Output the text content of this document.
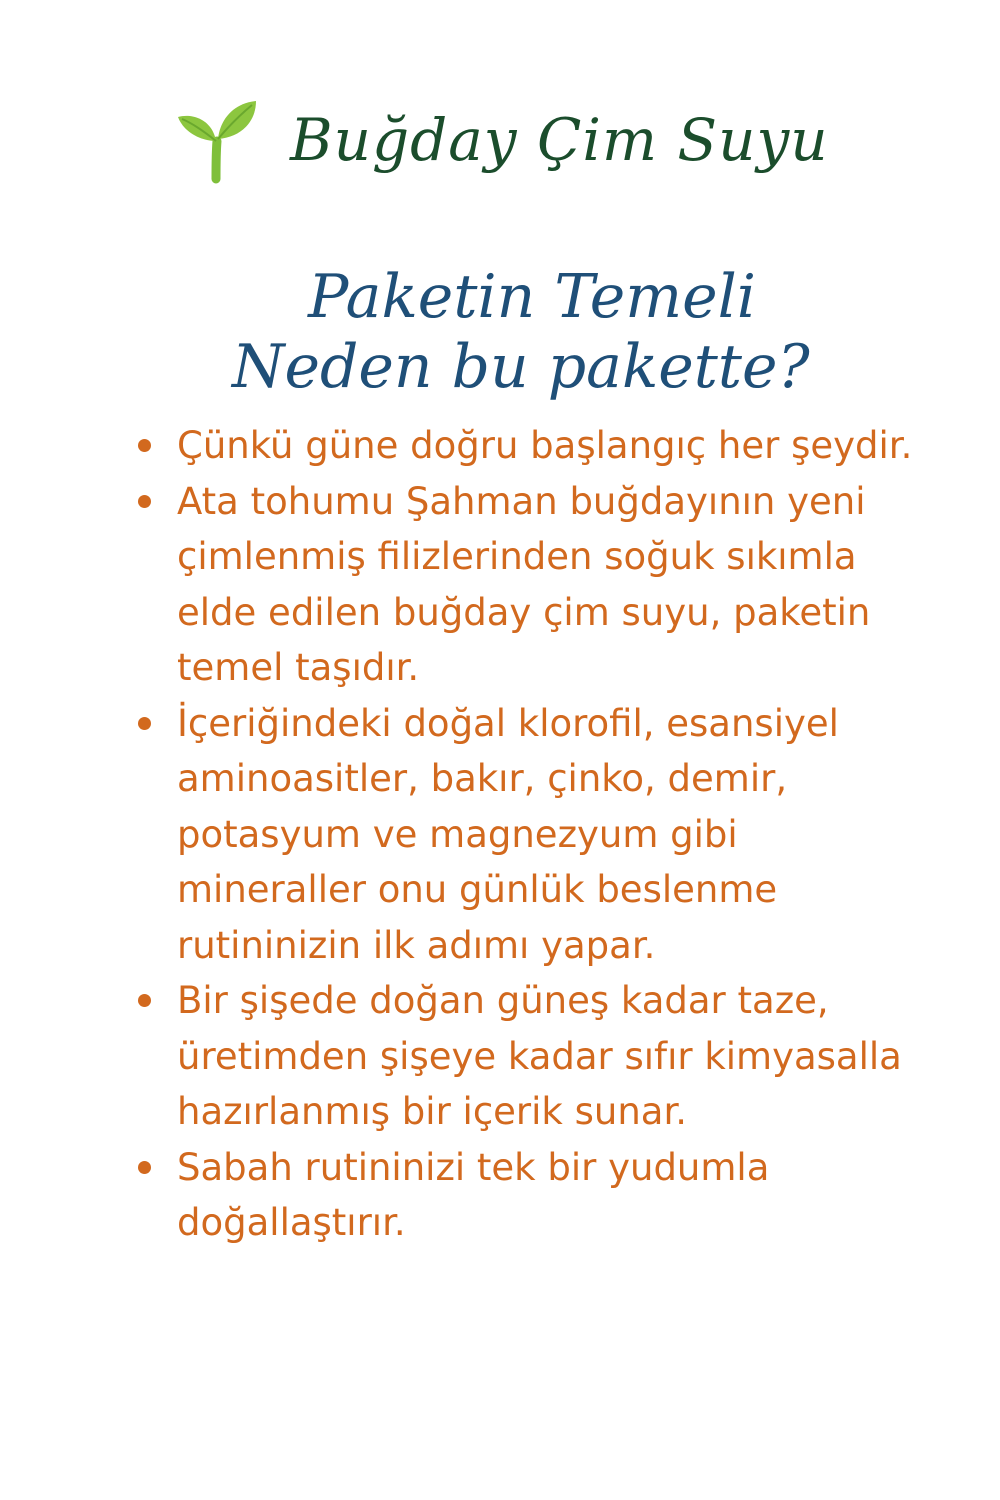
Buğday Çim Suyu
Paketin Temeli
Neden bu pakette?
Çünkü güne doğru başlangıç her şeydir.
Ata tohumu Şahman buğdayının yeni çimlenmiş filizlerinden soğuk sıkımla elde edilen buğday çim suyu, paketin temel taşıdır.
İçeriğindeki doğal klorofil, esansiyel aminoasitler, bakır, çinko, demir, potasyum ve magnezyum gibi mineraller onu günlük beslenme rutininizin ilk adımı yapar.
Bir şişede doğan güneş kadar taze, üretimden şişeye kadar sıfır kimyasalla hazırlanmış bir içerik sunar.
Sabah rutininizi tek bir yudumla doğallaştırır.
